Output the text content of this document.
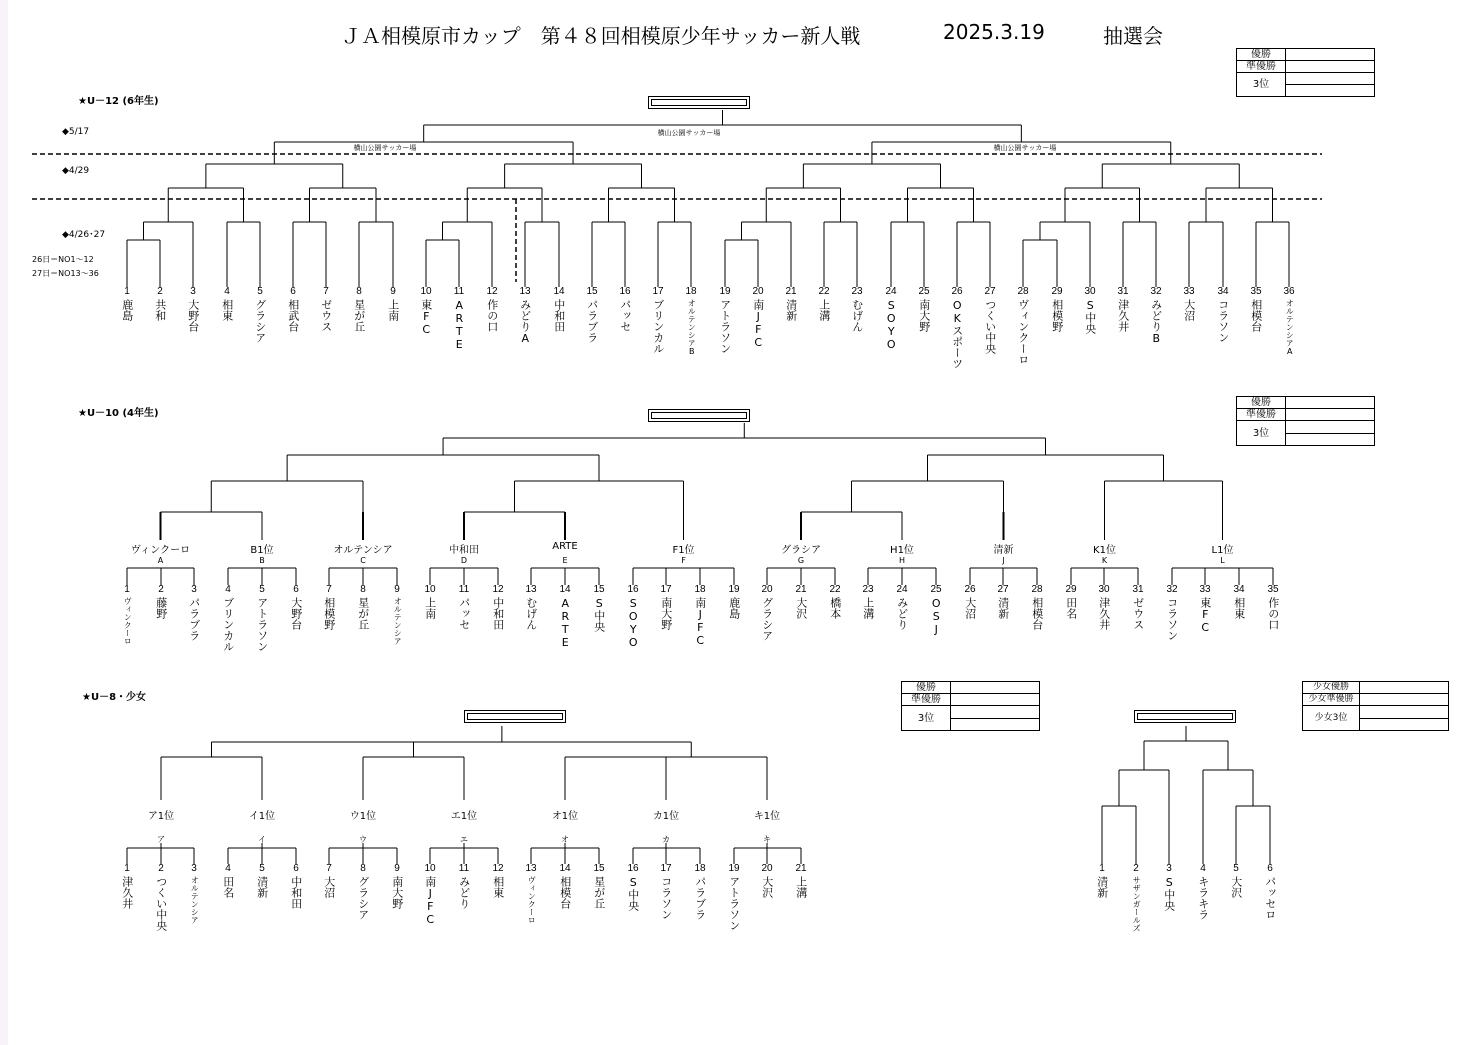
ＪＡ相模原市カップ　第４８回相模原少年サッカー新人戦	2025.3.19	抽選会
優勝	
準優勝	
3位	

優勝	
準優勝	
3位	

優勝	
準優勝	
3位	

少女優勝	
少女準優勝	
少女3位	

★U－12 (6年生)
★U－10 (4年生)
★U－8・少女
◆5/17
◆4/29
◆4/26･27
26日＝NO1～12
27日＝NO13～36
横山公園サッカー場
横山公園サッカー場	横山公園サッカー場
1
鹿島
2
共和
3
大野台
4
相東
5
グラシア
6
相武台
7
ゼウス
8
星が丘
9
上南
10
東FC
11
ARTE
12
作の口
13
みどりA
14
中和田
15
パラブラ
16
パッセ
17
ブリンカル
18
オルテンシアB
19
アトラソン
20
南JFC
21
清新
22
上溝
23
むげん
24
SOYO
25
南大野
26
OKスポーツ
27
つくい中央
28
ヴィンクーロ
29
相模野
30
S中央
31
津久井
32
みどりB
33
大沼
34
コラソン
35
相模台
36
オルテンシアA
1
ヴィンクーロ
2
藤野
3
パラブラ
4
ブリンカル
5
アトラソン
6
大野台
7
相模野
8
星が丘
9
オルテンシア
10
上南
11
パッセ
12
中和田
13
むげん
14
ARTE
15
S中央
16
SOYO
17
南大野
18
南JFC
19
鹿島
20
グラシア
21
大沢
22
橋本
23
上溝
24
みどり
25
OSJ
26
大沼
27
清新
28
相模台
29
田名
30
津久井
31
ゼウス
32
コラソン
33
東FC
34
相東
35
作の口
ヴィンクーロ
A
B1位
B
オルテンシア
C
中和田
D
ARTE
E
F1位
F
グラシア
G
H1位
H
清新
J
K1位
K
L1位
L
1
津久井
2
つくい中央
3
オルテンシア
4
田名
5
清新
6
中和田
7
大沼
8
グラシア
9
南大野
10
南JFC
11
みどり
12
相東
13
ヴィンクーロ
14
相模台
15
星が丘
16
S中央
17
コラソン
18
パラブラ
19
アトラソン
20
大沢
21
上溝
ア1位
ア
イ1位
イ
ウ1位
ウ
エ1位
エ
オ1位
オ
カ1位
カ
キ1位
キ
1
清新
2
サザンガールズ
3
S中央
4
キラキラ
5
大沢
6
パッセロ
